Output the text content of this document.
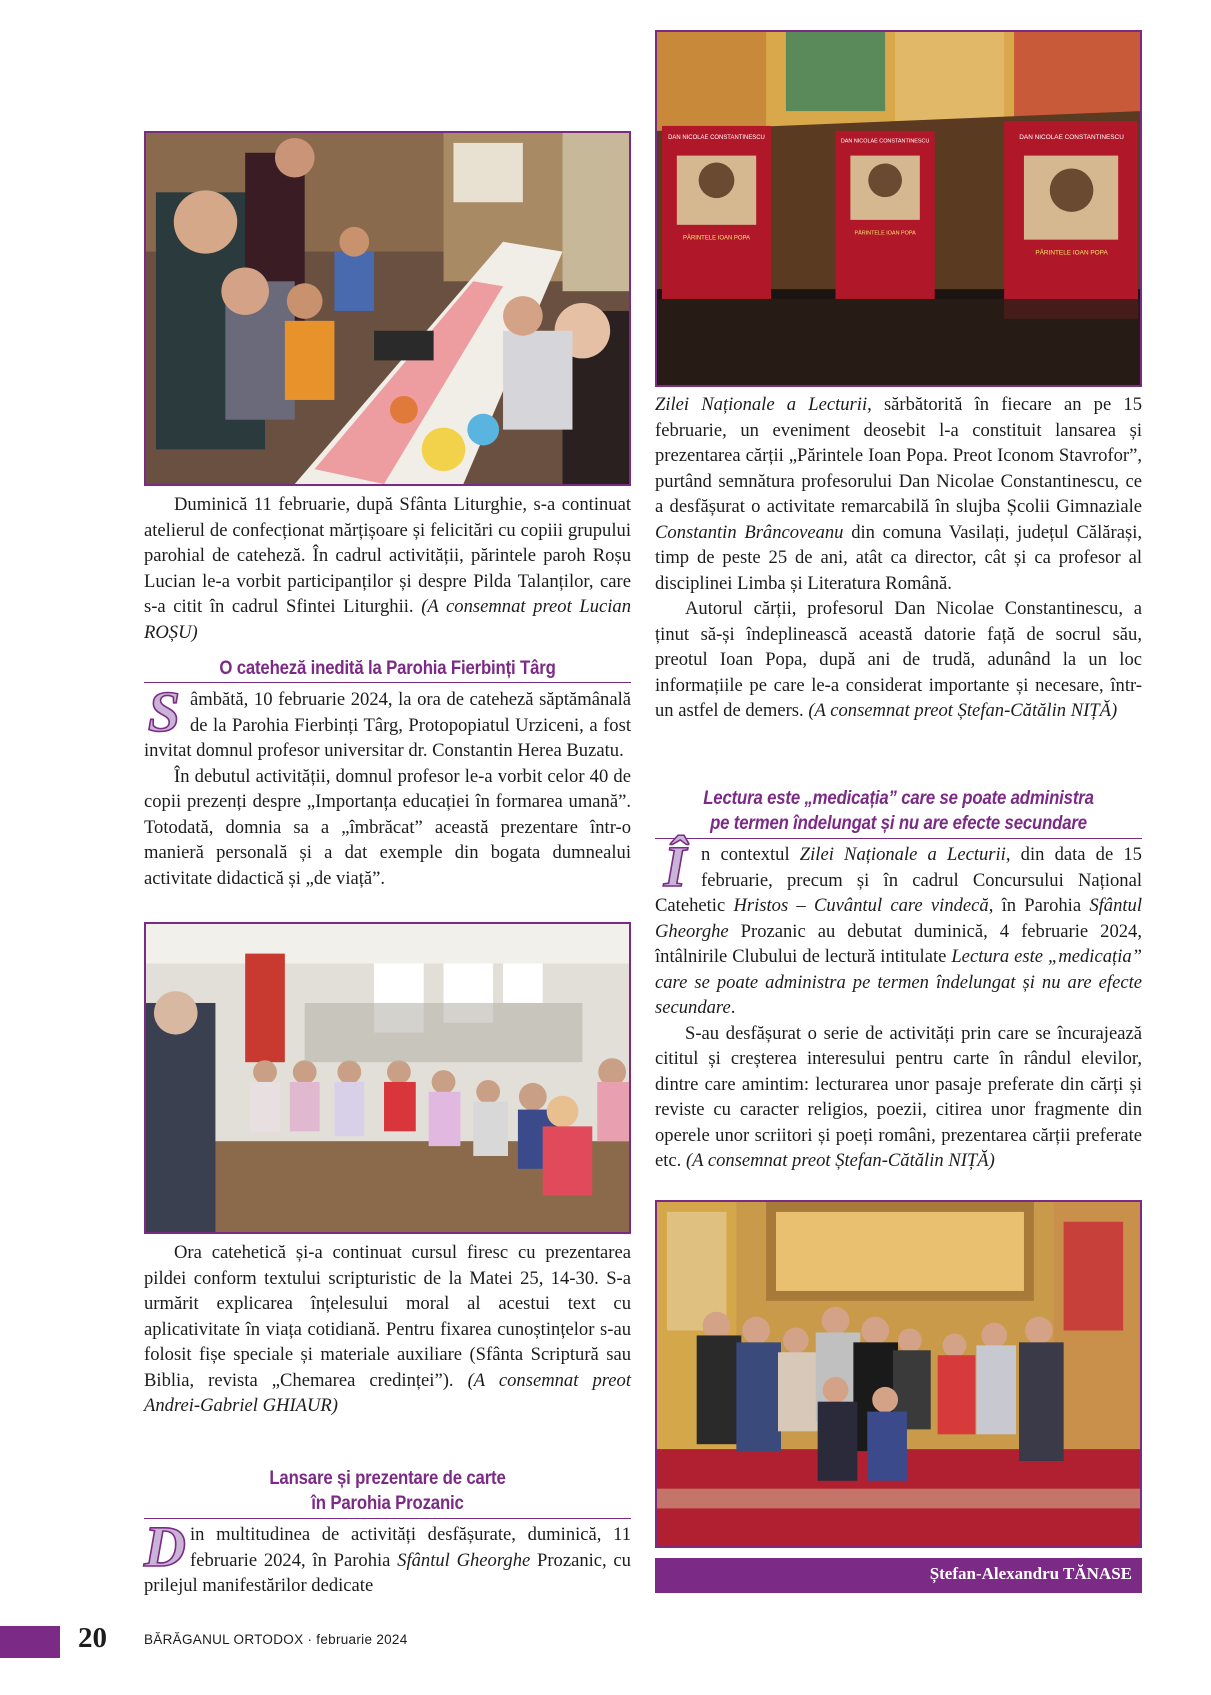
Duminică 11 februarie, după Sfânta Liturghie, s-a continuat atelierul de confecționat mărțișoare și felicitări cu copiii grupului parohial de cateheză. În cadrul activității, părintele paroh Roșu Lucian le-a vorbit participanților și despre Pilda Talanților, care s-a citit în cadrul Sfintei Liturghii. (A consemnat preot Lucian ROȘU)

O cateheză inedită la Parohia Fierbinți Târg

Sâmbătă, 10 februarie 2024, la ora de cateheză săptămânală de la Parohia Fierbinți Târg, Protopopiatul Urziceni, a fost invitat domnul profesor universitar dr. Constantin Herea Buzatu.

În debutul activității, domnul profesor le-a vorbit celor 40 de copii prezenți despre „Importanța educației în formarea umană”. Totodată, domnia sa a „îmbrăcat” această prezentare într-o manieră personală și a dat exemple din bogata dumnealui activitate didactică și „de viață”.

Ora catehetică și-a continuat cursul firesc cu prezentarea pildei conform textului scripturistic de la Matei 25, 14-30. S-a urmărit explicarea înțelesului moral al acestui text cu aplicativitate în viața cotidiană. Pentru fixarea cunoștințelor s-au folosit fișe speciale și materiale auxiliare (Sfânta Scriptură sau Biblia, revista „Chemarea credinței”). (A consemnat preot Andrei-Gabriel GHIAUR)

Lansare și prezentare de carte
în Parohia Prozanic

Din multitudinea de activități desfășurate, duminică, 11 februarie 2024, în Parohia Sfântul Gheorghe Prozanic, cu prilejul manifestărilor dedicate

DAN NICOLAE CONSTANTINESCU
PĂRINTELE IOAN POPA
DAN NICOLAE CONSTANTINESCU
PĂRINTELE IOAN POPA
DAN NICOLAE CONSTANTINESCU
PĂRINTELE IOAN POPA

Zilei Naționale a Lecturii, sărbătorită în fiecare an pe 15 februarie, un eveniment deosebit l-a constituit lansarea și prezentarea cărții „Părintele Ioan Popa. Preot Iconom Stavrofor”, purtând semnătura profesorului Dan Nicolae Constantinescu, ce a desfășurat o activitate remarcabilă în slujba Școlii Gimnaziale Constantin Brâncoveanu din comuna Vasilați, județul Călărași, timp de peste 25 de ani, atât ca director, cât și ca profesor al disciplinei Limba și Literatura Română.

Autorul cărții, profesorul Dan Nicolae Constantinescu, a ținut să-și îndeplinească această datorie față de socrul său, preotul Ioan Popa, după ani de trudă, adunând la un loc informațiile pe care le-a considerat importante și necesare, într-un astfel de demers. (A consemnat preot Ștefan-Cătălin NIȚĂ)

Lectura este „medicația” care se poate administra
pe termen îndelungat și nu are efecte secundare

În contextul Zilei Naționale a Lecturii, din data de 15 februarie, precum și în cadrul Concursului Național Catehetic Hristos – Cuvântul care vindecă, în Parohia Sfântul Gheorghe Prozanic au debutat duminică, 4 februarie 2024, întâlnirile Clubului de lectură intitulate Lectura este „medicația” care se poate administra pe termen îndelungat și nu are efecte secundare.

S-au desfășurat o serie de activități prin care se încurajează cititul și creșterea interesului pentru carte în rândul elevilor, dintre care amintim: lecturarea unor pasaje preferate din cărți și reviste cu caracter religios, poezii, citirea unor fragmente din operele unor scriitori și poeți români, prezentarea cărții preferate etc. (A consemnat preot Ștefan-Cătălin NIȚĂ)

Ștefan-Alexandru TĂNASE
20	BĂRĂGANUL ORTODOX · februarie 2024
